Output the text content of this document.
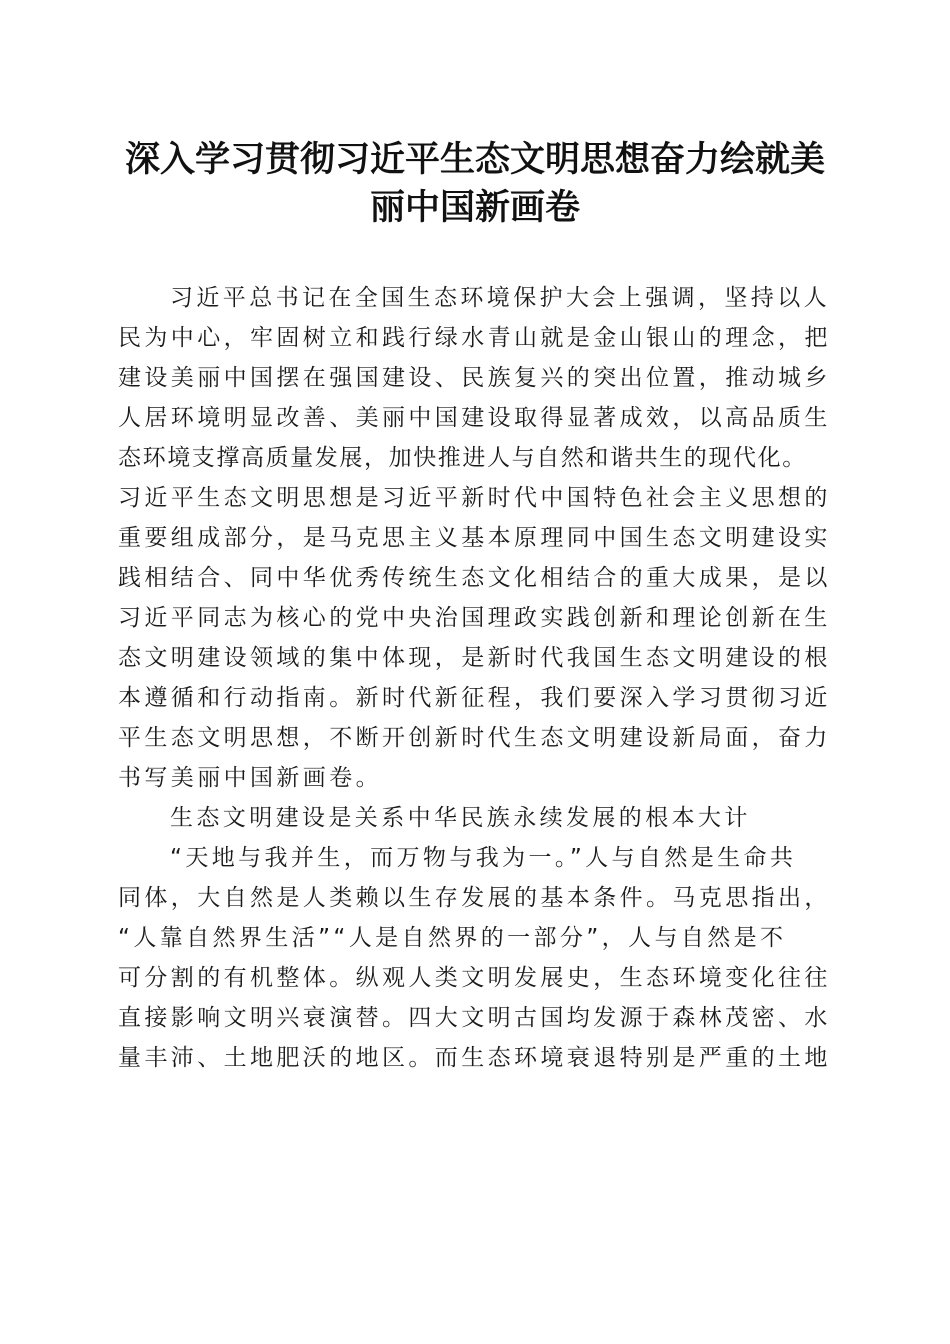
深入学习贯彻习近平生态文明思想奋力绘就美
丽中国新画卷
习近平总书记在全国生态环境保护大会上强调，坚持以人
民为中心，牢固树立和践行绿水青山就是金山银山的理念，把
建设美丽中国摆在强国建设、民族复兴的突出位置，推动城乡
人居环境明显改善、美丽中国建设取得显著成效，以高品质生
态环境支撑高质量发展，加快推进人与自然和谐共生的现代化。
习近平生态文明思想是习近平新时代中国特色社会主义思想的
重要组成部分，是马克思主义基本原理同中国生态文明建设实
践相结合、同中华优秀传统生态文化相结合的重大成果，是以
习近平同志为核心的党中央治国理政实践创新和理论创新在生
态文明建设领域的集中体现，是新时代我国生态文明建设的根
本遵循和行动指南。新时代新征程，我们要深入学习贯彻习近
平生态文明思想，不断开创新时代生态文明建设新局面，奋力
书写美丽中国新画卷。
生态文明建设是关系中华民族永续发展的根本大计
“天地与我并生，而万物与我为一。”人与自然是生命共
同体，大自然是人类赖以生存发展的基本条件。马克思指出，
“人靠自然界生活”“人是自然界的一部分”，人与自然是不
可分割的有机整体。纵观人类文明发展史，生态环境变化往往
直接影响文明兴衰演替。四大文明古国均发源于森林茂密、水
量丰沛、土地肥沃的地区。而生态环境衰退特别是严重的土地
